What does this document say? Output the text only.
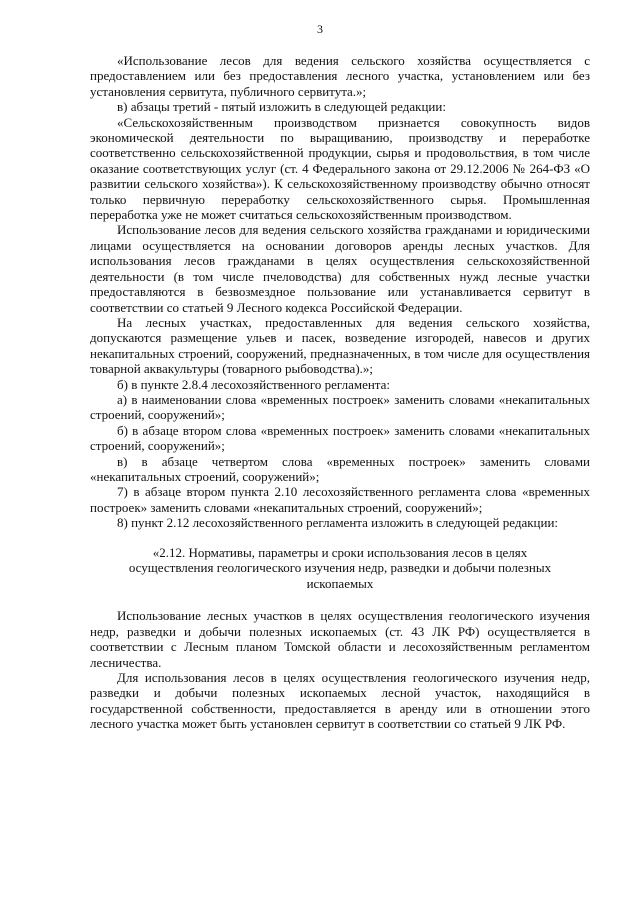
3

«Использование лесов для ведения сельского хозяйства осуществляется с предоставлением или без предоставления лесного участка, установлением или без установления сервитута, публичного сервитута.»;

в) абзацы третий - пятый изложить в следующей редакции:

«Сельскохозяйственным производством признается совокупность видов экономической деятельности по выращиванию, производству и переработке соответственно сельскохозяйственной продукции, сырья и продовольствия, в том числе оказание соответствующих услуг (ст. 4 Федерального закона от 29.12.2006 № 264-ФЗ «О развитии сельского хозяйства»). К сельскохозяйственному производству обычно относят только первичную переработку сельскохозяйственного сырья. Промышленная переработка уже не может считаться сельскохозяйственным производством.

Использование лесов для ведения сельского хозяйства гражданами и юридическими лицами осуществляется на основании договоров аренды лесных участков. Для использования лесов гражданами в целях осуществления сельскохозяйственной деятельности (в том числе пчеловодства) для собственных нужд лесные участки предоставляются в безвозмездное пользование или устанавливается сервитут в соответствии со статьей 9 Лесного кодекса Российской Федерации.

На лесных участках, предоставленных для ведения сельского хозяйства, допускаются размещение ульев и пасек, возведение изгородей, навесов и других некапитальных строений, сооружений, предназначенных, в том числе для осуществления товарной аквакультуры (товарного рыбоводства).»;

б) в пункте 2.8.4 лесохозяйственного регламента:

а) в наименовании слова «временных построек» заменить словами «некапитальных строений, сооружений»;

б) в абзаце втором слова «временных построек» заменить словами «некапитальных строений, сооружений»;

в) в абзаце четвертом слова «временных построек» заменить словами «некапитальных строений, сооружений»;

7) в абзаце втором пункта 2.10 лесохозяйственного регламента слова «временных построек» заменить словами «некапитальных строений, сооружений»;

8) пункт 2.12 лесохозяйственного регламента изложить в следующей редакции:

«2.12. Нормативы, параметры и сроки использования лесов в целях осуществления геологического изучения недр, разведки и добычи полезных ископаемых

Использование лесных участков в целях осуществления геологического изучения недр, разведки и добычи полезных ископаемых (ст. 43 ЛК РФ) осуществляется в соответствии с Лесным планом Томской области и лесохозяйственным регламентом лесничества.

Для использования лесов в целях осуществления геологического изучения недр, разведки и добычи полезных ископаемых лесной участок, находящийся в государственной собственности, предоставляется в аренду или в отношении этого лесного участка может быть установлен сервитут в соответствии со статьей 9 ЛК РФ.
